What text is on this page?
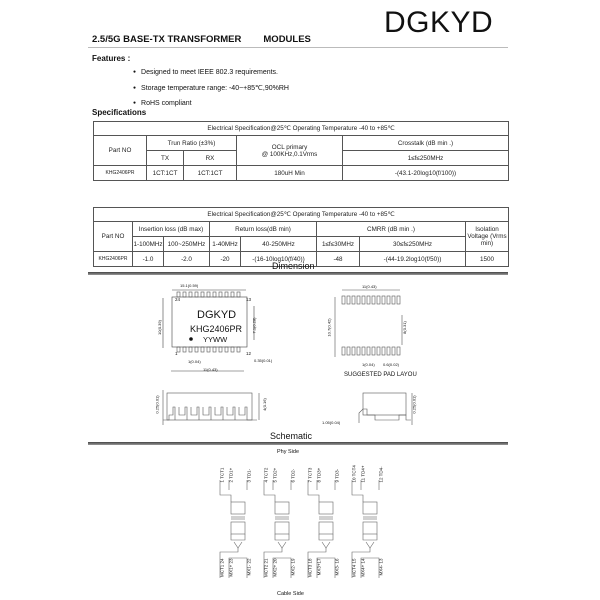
DGKYD
2.5/5G BASE-TX TRANSFORMER MODULES
Features :
● Designed to meet IEEE 802.3 requirements.
● Storage temperature range: -40~+85℃,90%RH
● RoHS compliant
Specifications
Electrical Specification@25℃ Operating Temperature -40 to +85℃				
Part NO	Trun Ratio (±3%)		OCL primary
@ 100KHz,0.1Vrms	Crosstalk (dB min .)
	TX	RX		1≤f≤250MHz
KHG2406PR	1CT:1CT	1CT:1CT	180uH Min	-(43.1-20log10(f/100))
Electrical Specification@25℃ Operating Temperature -40 to +85℃							
Part NO	Insertion loss (dB max)		Return loss(dB min)		CMRR (dB min .)		Isolation Voltage (Vrms min)
	1-100MHz	100~250MHz	1-40MHz	40-250MHz	1≤f≤30MHz	30≤f≤250MHz	
KHG2406PR	-1.0	-2.0	-20	-(16-10log10(f/40))	-48	-(44-19.2log10(f/50))	1500
Dimension
15.1(0.59)
24	13
1	12
DGKYD
KHG2406PR
YYWW
10(0.39)	7.1(0.28)
1(0.04)	0.35(0.01)
11(0.43)
11(0.43)
10.7(0.42)	8(0.31)
1(0.04) 0.6(0.02)
SUGGESTED PAD LAYOU
0.25(0.01)	4(0.16)	0.25(0.01)
1.05(0.04)
Schematic
Phy Side
Cable Side
1 TCT1 2 TD1+	3 TD1-	4 TCT2 5 TD2+	6 TD2-	7 TCT3 8 TD3+	9 TD3-	10 TCT4 11 TD4+	12 TD4-
MCT1 24 MX1+ 23	MX1- 22	MCT2 21 MX2+ 20	MX2- 19	MCT3 18 MX3+17	MX3- 16	MCT4 15 MX4+ 14	MX4- 13
